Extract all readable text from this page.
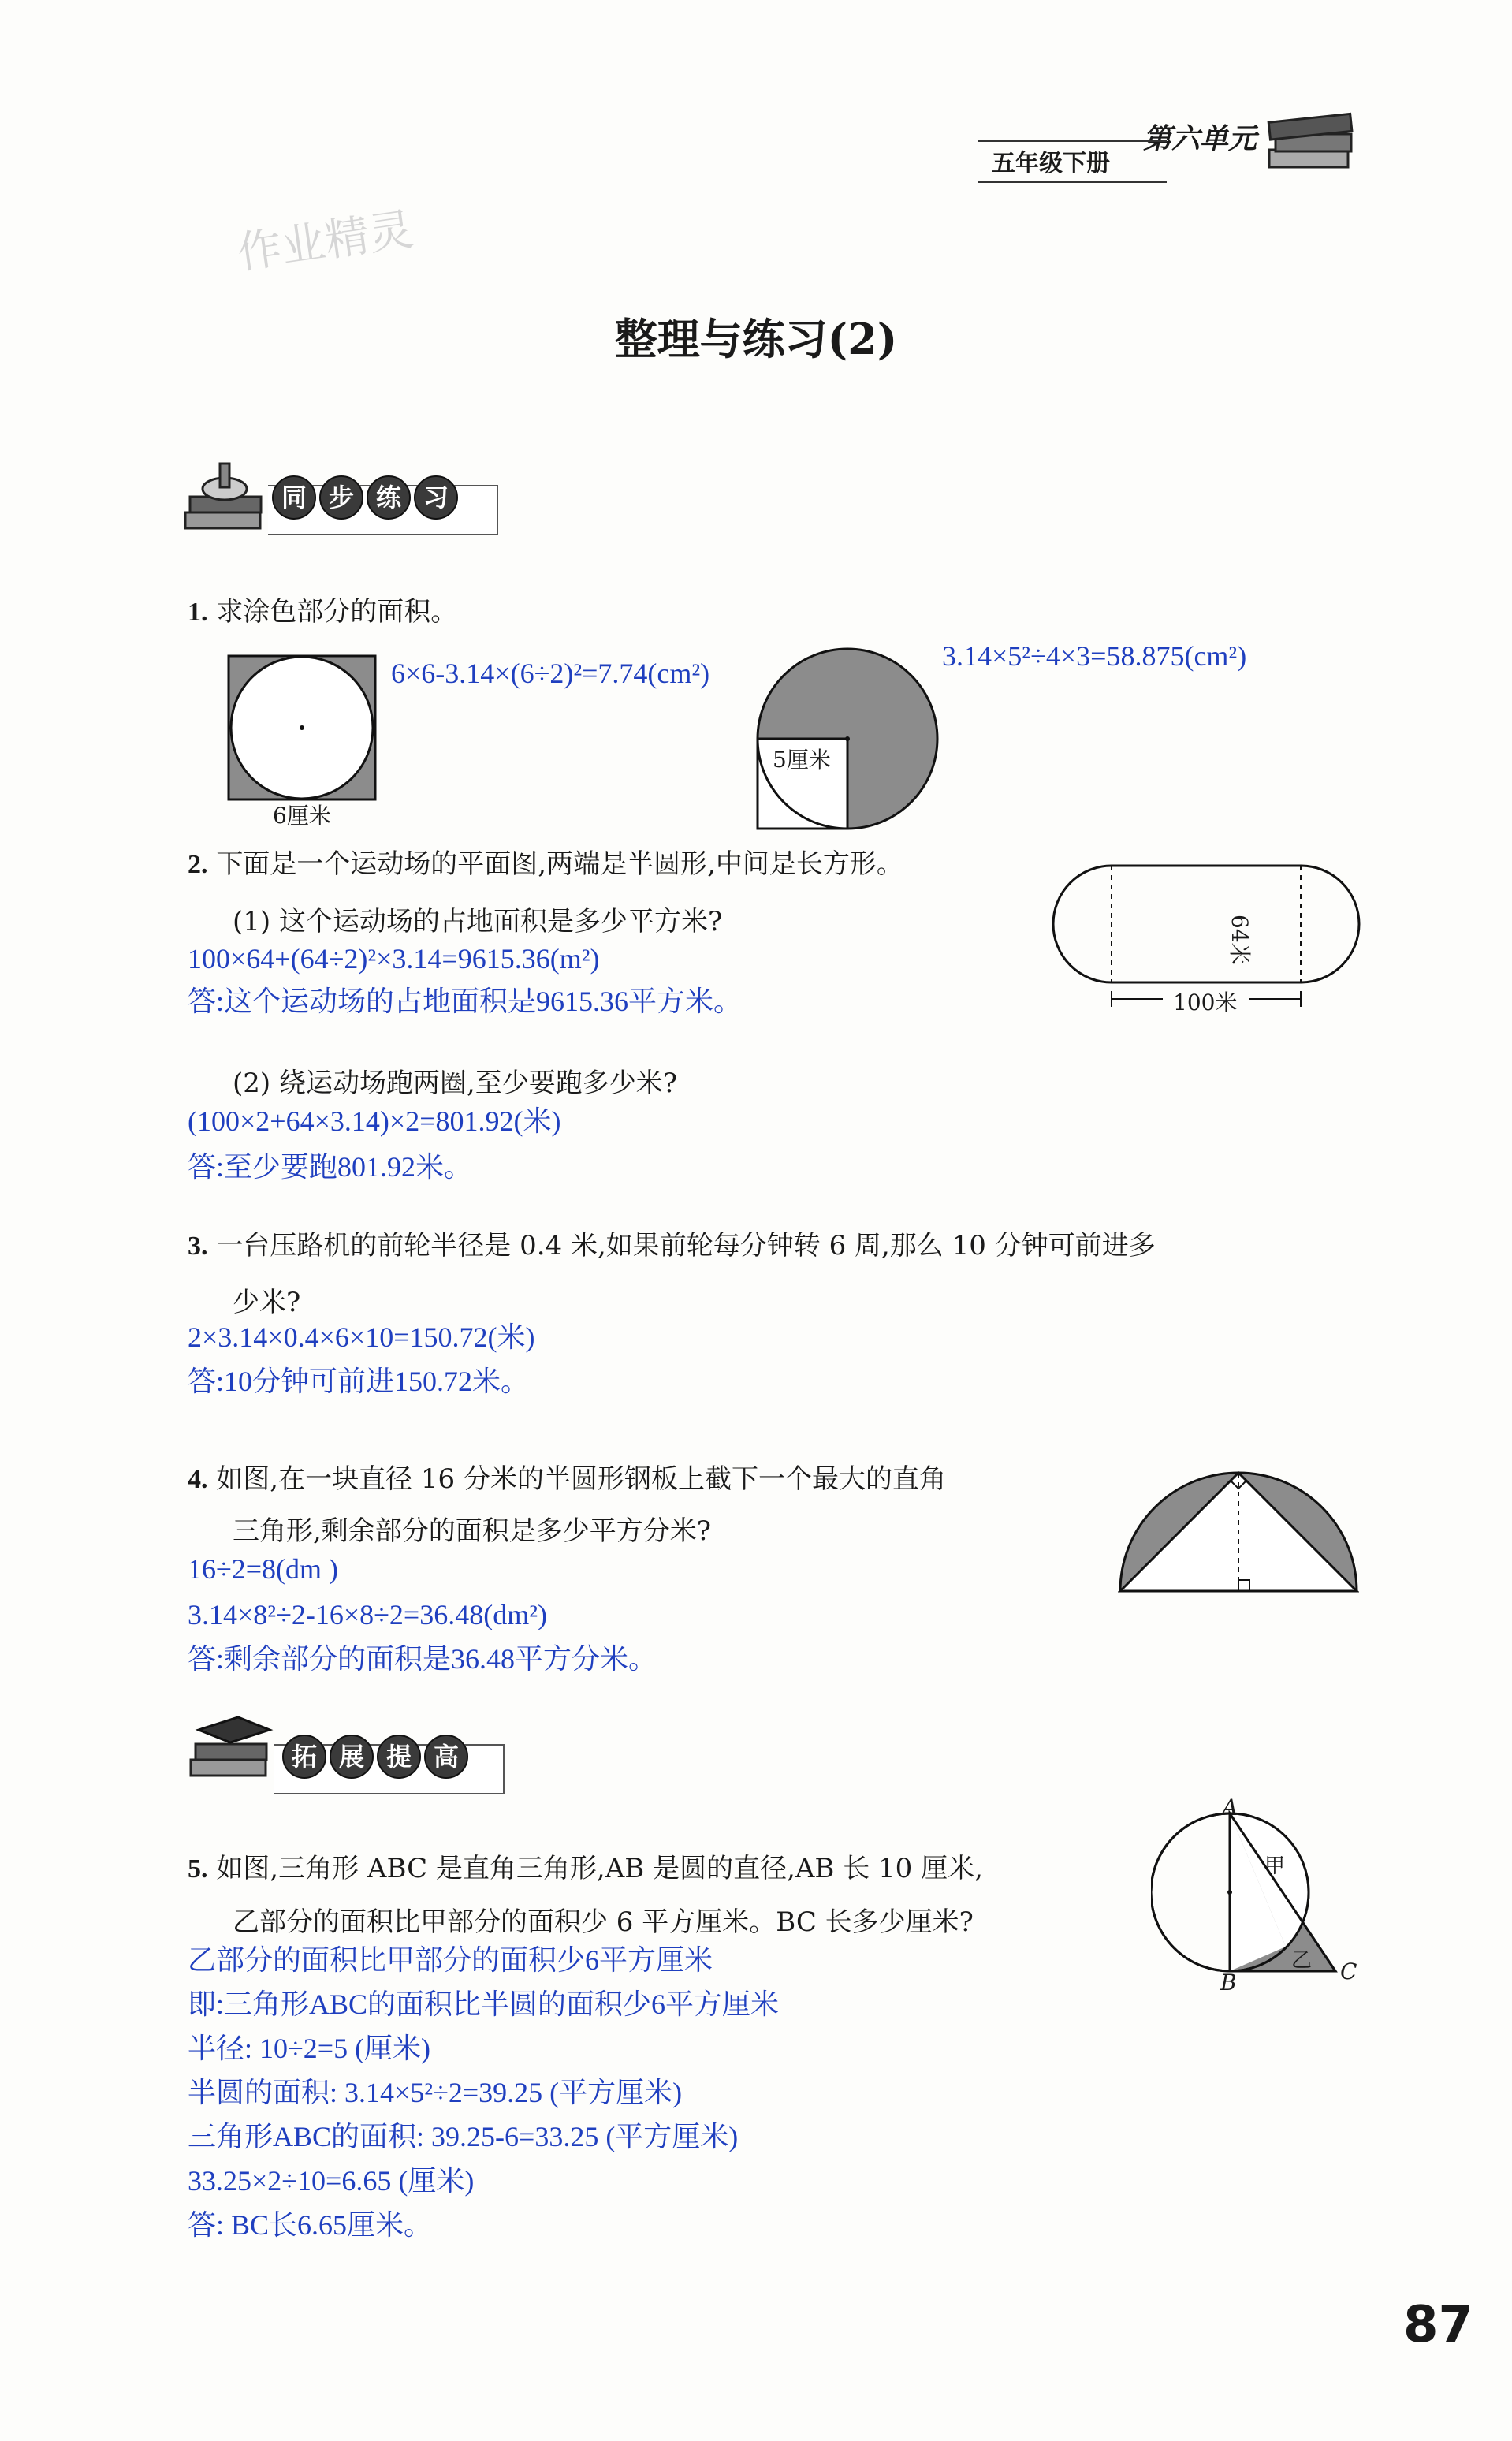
第六单元
五年级下册
作业精灵
整理与练习(2)
同 步 练 习
1. 求涂色部分的面积。
6厘米
6×6-3.14×(6÷2)²=7.74(cm²)
5厘米
3.14×5²÷4×3=58.875(cm²)
2. 下面是一个运动场的平面图,两端是半圆形,中间是长方形。
(1) 这个运动场的占地面积是多少平方米?
100×64+(64÷2)²×3.14=9615.36(m²)
答:这个运动场的占地面积是9615.36平方米。
(2) 绕运动场跑两圈,至少要跑多少米?
(100×2+64×3.14)×2=801.92(米)
答:至少要跑801.92米。
100米
64米
3. 一台压路机的前轮半径是 0.4 米,如果前轮每分钟转 6 周,那么 10 分钟可前进多
少米?
2×3.14×0.4×6×10=150.72(米)
答:10分钟可前进150.72米。
4. 如图,在一块直径 16 分米的半圆形钢板上截下一个最大的直角
三角形,剩余部分的面积是多少平方分米?
16÷2=8(dm )
3.14×8²÷2-16×8÷2=36.48(dm²)
答:剩余部分的面积是36.48平方分米。
拓 展 提 高
5. 如图,三角形 ABC 是直角三角形,AB 是圆的直径,AB 长 10 厘米,
乙部分的面积比甲部分的面积少 6 平方厘米。BC 长多少厘米?
乙部分的面积比甲部分的面积少6平方厘米
即:三角形ABC的面积比半圆的面积少6平方厘米
半径: 10÷2=5 (厘米)
半圆的面积: 3.14×5²÷2=39.25 (平方厘米)
三角形ABC的面积: 39.25-6=33.25 (平方厘米)
33.25×2÷10=6.65 (厘米)
答: BC长6.65厘米。
A
B	C
甲
乙
87
